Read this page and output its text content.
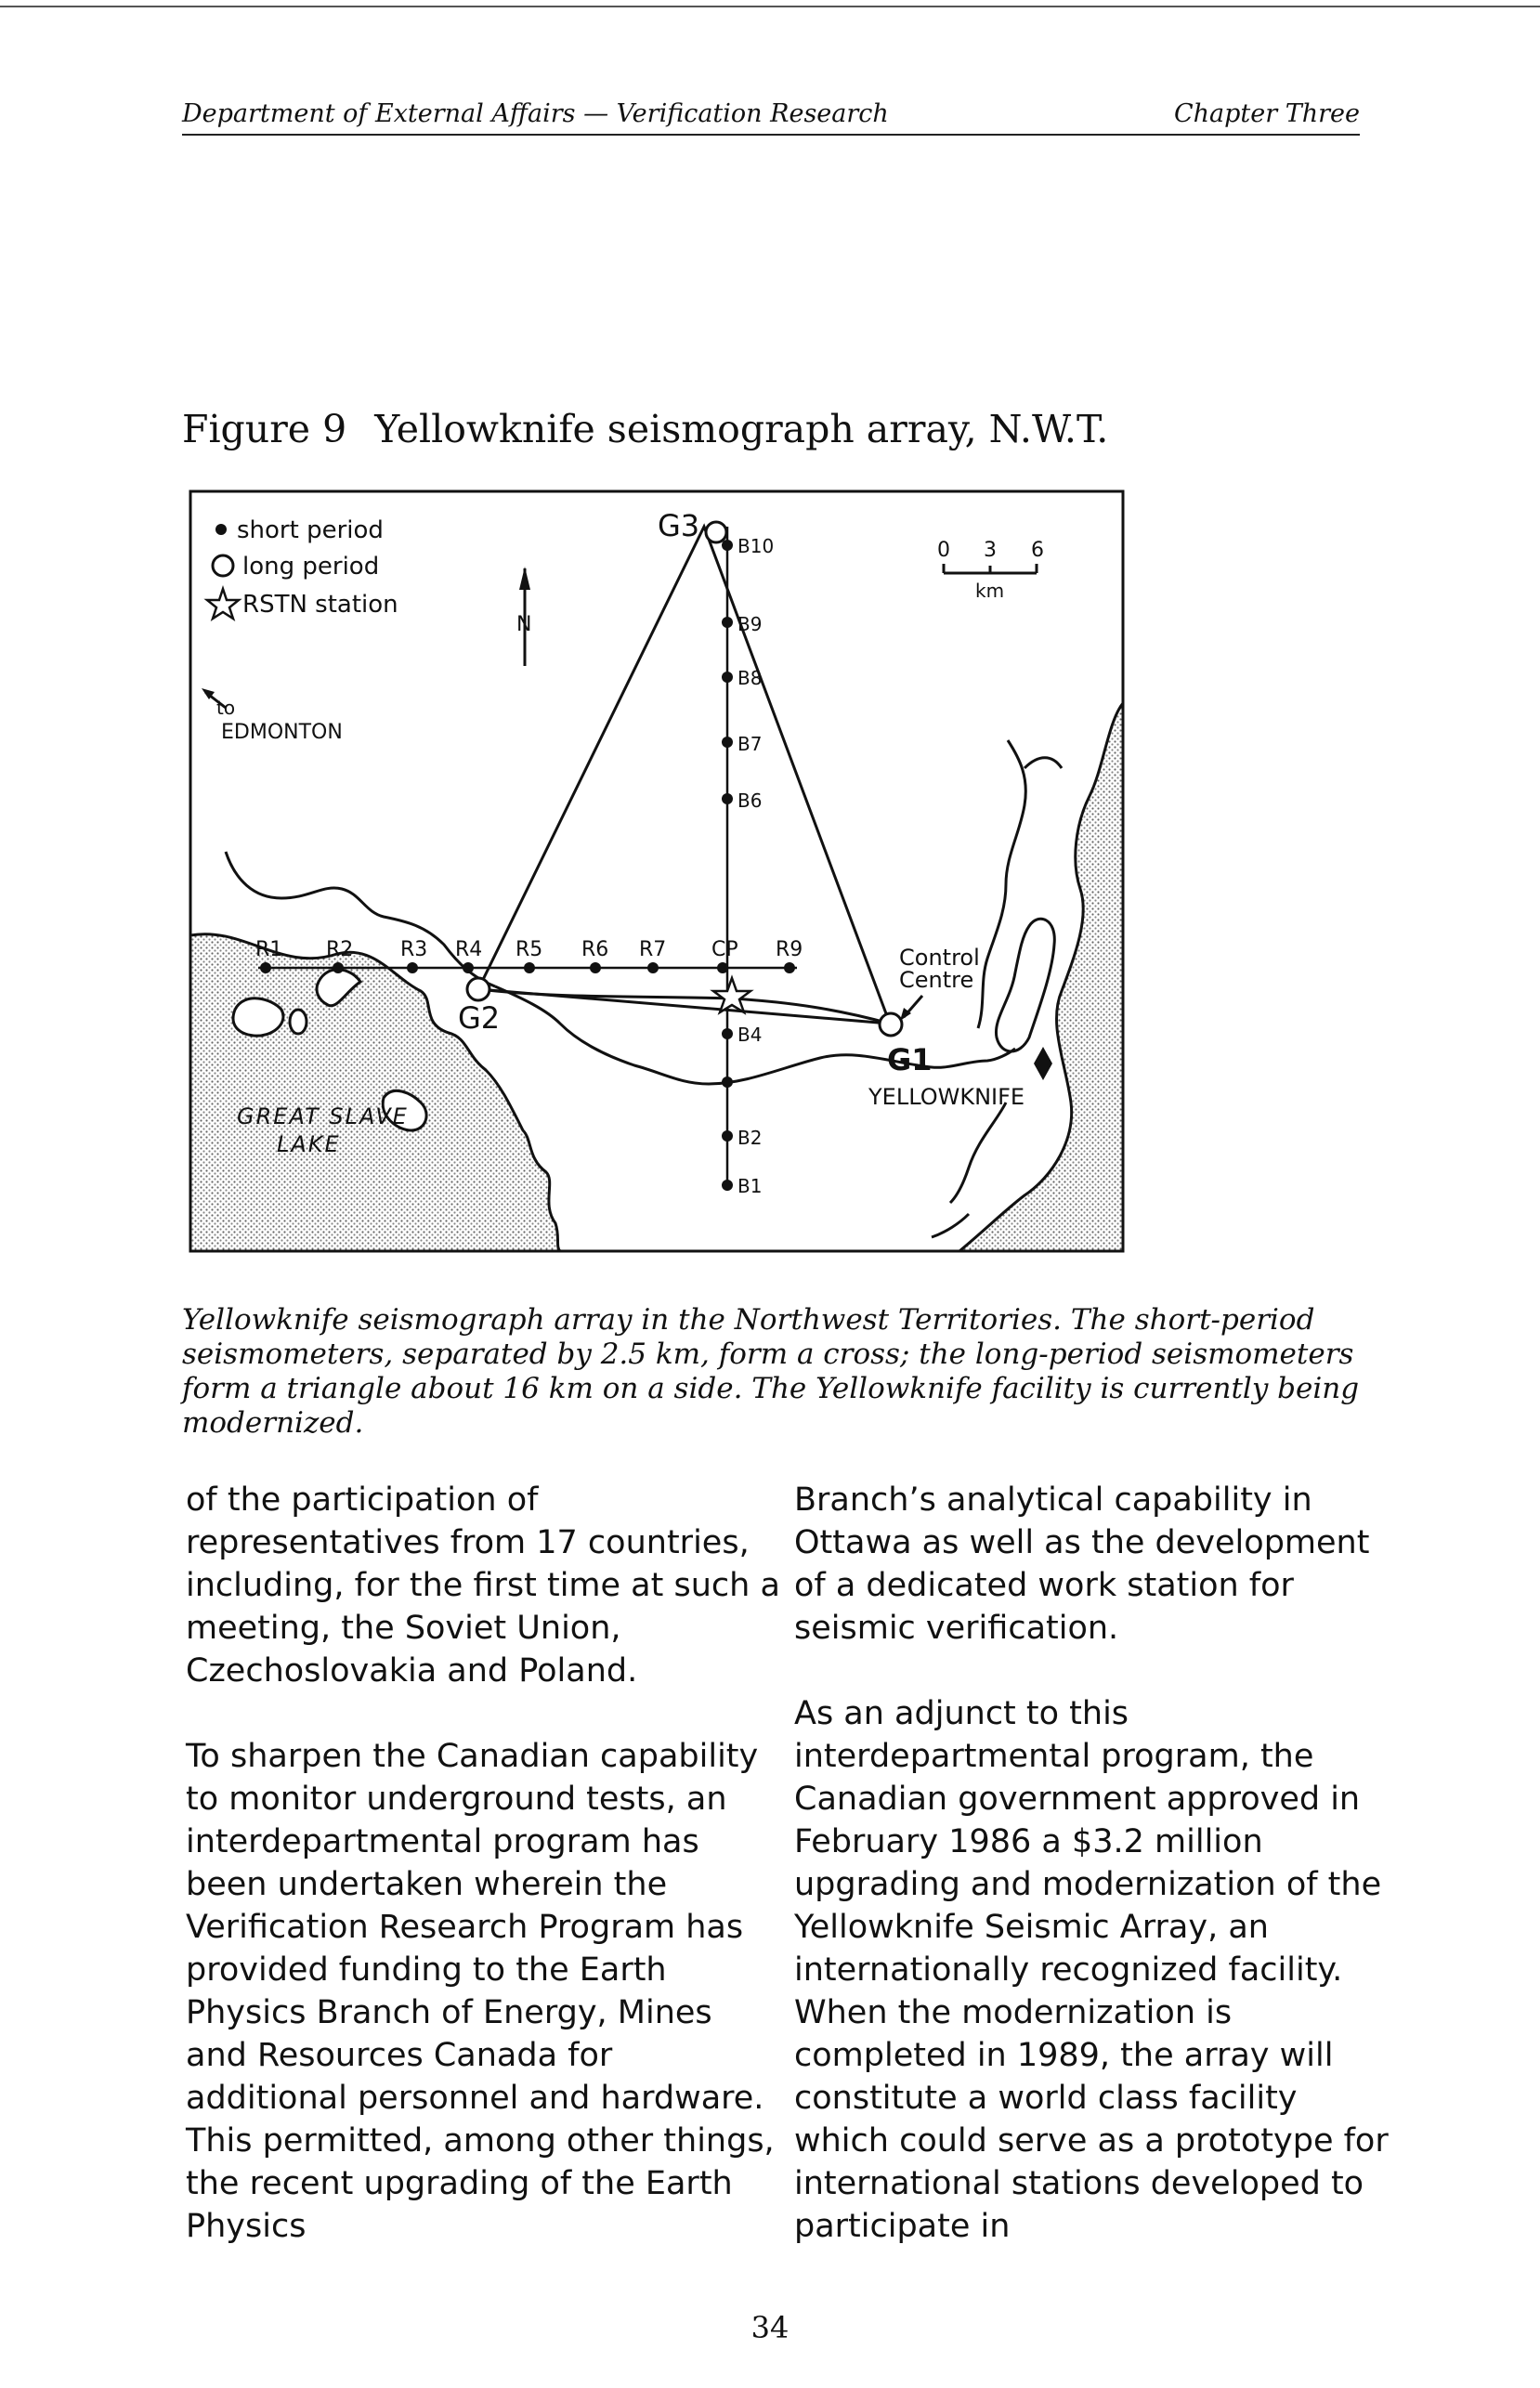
Department of External Affairs — Verification Research	Chapter Three
Figure 9 Yellowknife seismograph array, N.W.T.
short period
long period
RSTN station
N
0 3 6
km
to
EDMONTON
R1 R2 R3 R4 R5 R6 R7 CP R9
B10
B9
B8
B7
B6
B4
B2
B1
G3
G2
G1
Control
Centre
YELLOWKNIFE
GREAT SLAVE
LAKE
Yellowknife seismograph array in the Northwest Territories. The short-period seismometers, separated by 2.5 km, form a cross; the long-period seismometers form a triangle about 16 km on a side. The Yellowknife facility is currently being modernized.

of the participation of representatives from 17 countries, including, for the first time at such a meeting, the Soviet Union, Czechoslovakia and Poland.

To sharpen the Canadian capability to monitor underground tests, an interdepartmental program has been undertaken wherein the Verification Research Program has provided funding to the Earth Physics Branch of Energy, Mines and Resources Canada for additional personnel and hardware. This permitted, among other things, the recent upgrading of the Earth Physics

Branch’s analytical capability in Ottawa as well as the development of a dedicated work station for seismic verification.

As an adjunct to this interdepartmental program, the Canadian government approved in February 1986 a $3.2 million upgrading and modernization of the Yellowknife Seismic Array, an internationally recognized facility. When the modernization is completed in 1989, the array will constitute a world class facility which could serve as a prototype for international stations developed to participate in

34
